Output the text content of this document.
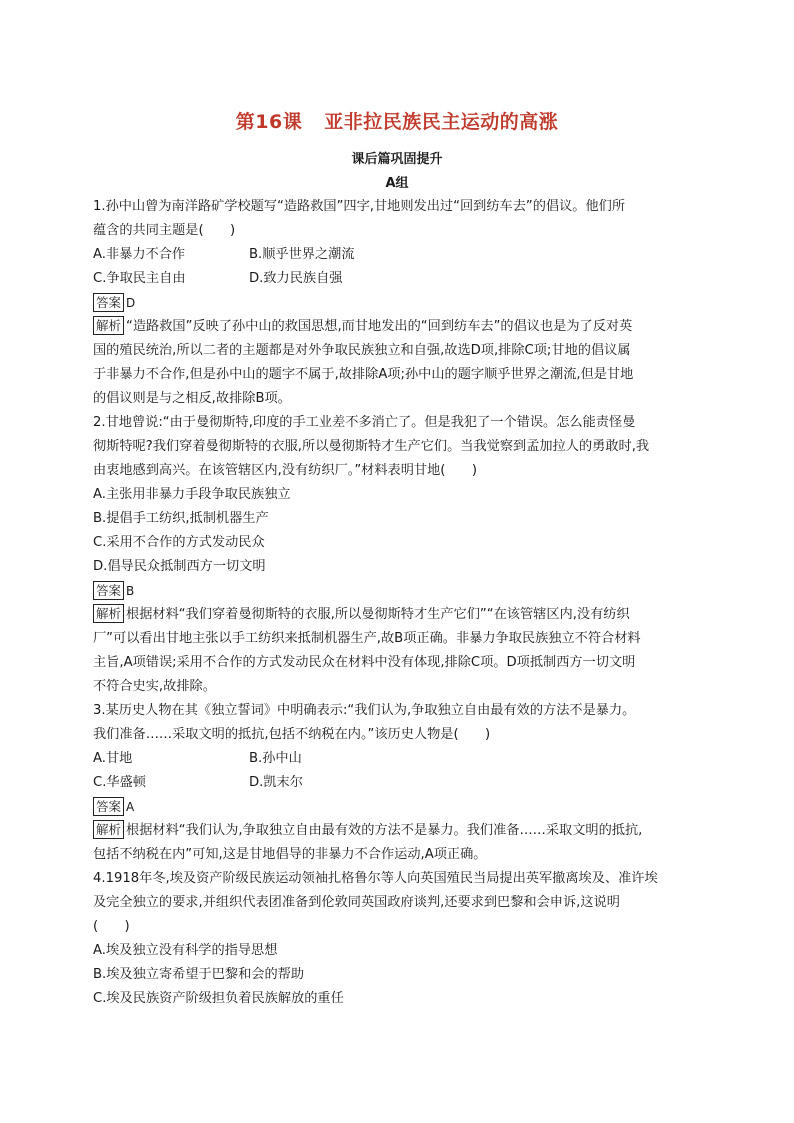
第16课 亚非拉民族民主运动的高涨
课后篇巩固提升
A组
1.孙中山曾为南洋路矿学校题写“造路救国”四字,甘地则发出过“回到纺车去”的倡议。他们所
蕴含的共同主题是(　　)
A.非暴力不合作	B.顺乎世界之潮流
C.争取民主自由	D.致力民族自强
答案 D
解析 “造路救国”反映了孙中山的救国思想,而甘地发出的“回到纺车去”的倡议也是为了反对英
国的殖民统治,所以二者的主题都是对外争取民族独立和自强,故选D项,排除C项;甘地的倡议属
于非暴力不合作,但是孙中山的题字不属于,故排除A项;孙中山的题字顺乎世界之潮流,但是甘地
的倡议则是与之相反,故排除B项。
2.甘地曾说:“由于曼彻斯特,印度的手工业差不多消亡了。但是我犯了一个错误。怎么能责怪曼
彻斯特呢?我们穿着曼彻斯特的衣服,所以曼彻斯特才生产它们。当我觉察到孟加拉人的勇敢时,我
由衷地感到高兴。在该管辖区内,没有纺织厂。”材料表明甘地(　　)
A.主张用非暴力手段争取民族独立
B.提倡手工纺织,抵制机器生产
C.采用不合作的方式发动民众
D.倡导民众抵制西方一切文明
答案 B
解析 根据材料“我们穿着曼彻斯特的衣服,所以曼彻斯特才生产它们”“在该管辖区内,没有纺织
厂”可以看出甘地主张以手工纺织来抵制机器生产,故B项正确。非暴力争取民族独立不符合材料
主旨,A项错误;采用不合作的方式发动民众在材料中没有体现,排除C项。D项抵制西方一切文明
不符合史实,故排除。
3.某历史人物在其《独立誓词》中明确表示:“我们认为,争取独立自由最有效的方法不是暴力。
我们准备……采取文明的抵抗,包括不纳税在内。”该历史人物是(　　)
A.甘地	B.孙中山
C.华盛顿	D.凯末尔
答案 A
解析 根据材料“我们认为,争取独立自由最有效的方法不是暴力。我们准备……采取文明的抵抗,
包括不纳税在内”可知,这是甘地倡导的非暴力不合作运动,A项正确。
4.1918年冬,埃及资产阶级民族运动领袖扎格鲁尔等人向英国殖民当局提出英军撤离埃及、准许埃
及完全独立的要求,并组织代表团准备到伦敦同英国政府谈判,还要求到巴黎和会申诉,这说明
(　　)
A.埃及独立没有科学的指导思想
B.埃及独立寄希望于巴黎和会的帮助
C.埃及民族资产阶级担负着民族解放的重任
